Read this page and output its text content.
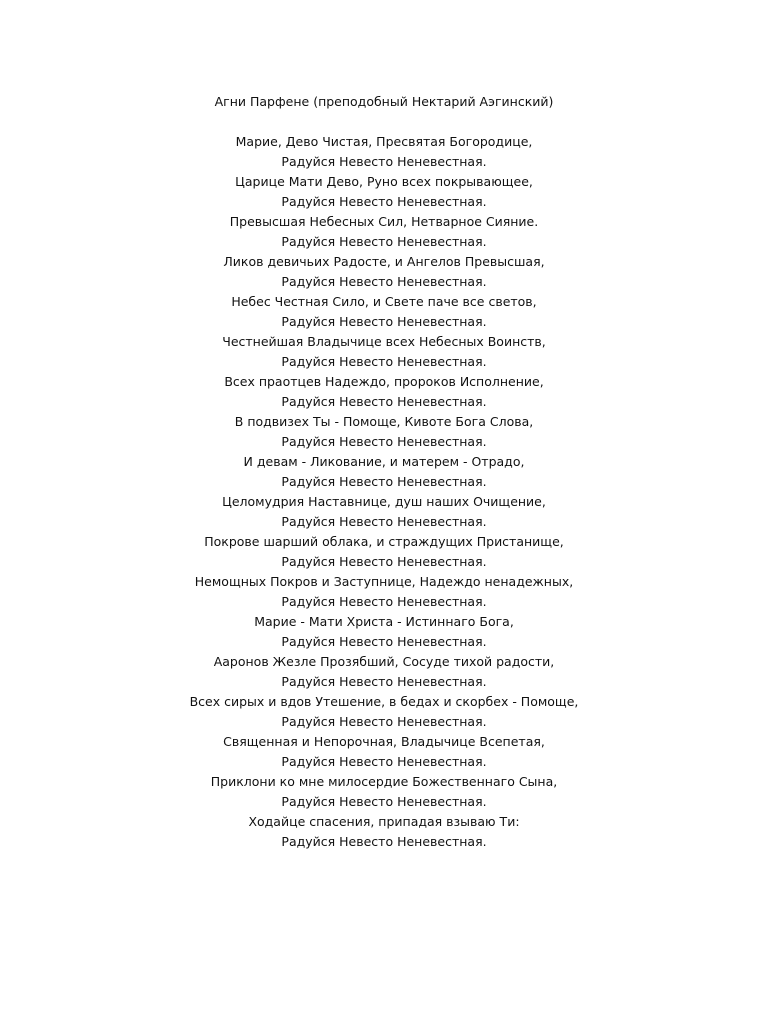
Агни Парфене (преподобный Нектарий Аэгинский)
Марие, Дево Чистая, Пресвятая Богородице,
Радуйся Невесто Неневестная.
Царице Мати Дево, Руно всех покрывающее,
Радуйся Невесто Неневестная.
Превысшая Небесных Сил, Нетварное Сияние.
Радуйся Невесто Неневестная.
Ликов девичьих Радосте, и Ангелов Превысшая,
Радуйся Невесто Неневестная.
Небес Честная Сило, и Свете паче все светов,
Радуйся Невесто Неневестная.
Честнейшая Владычице всех Небесных Воинств,
Радуйся Невесто Неневестная.
Всех праотцев Надеждо, пророков Исполнение,
Радуйся Невесто Неневестная.
В подвизех Ты - Помоще, Кивоте Бога Слова,
Радуйся Невесто Неневестная.
И девам - Ликование, и матерем - Отрадо,
Радуйся Невесто Неневестная.
Целомудрия Наставнице, душ наших Очищение,
Радуйся Невесто Неневестная.
Покрове шарший облака, и страждущих Пристанище,
Радуйся Невесто Неневестная.
Немощных Покров и Заступнице, Надеждо ненадежных,
Радуйся Невесто Неневестная.
Марие - Мати Христа - Истиннаго Бога,
Радуйся Невесто Неневестная.
Ааронов Жезле Прозябший, Сосуде тихой радости,
Радуйся Невесто Неневестная.
Всех сирых и вдов Утешение, в бедах и скорбех - Помоще,
Радуйся Невесто Неневестная.
Священная и Непорочная, Владычице Всепетая,
Радуйся Невесто Неневестная.
Приклони ко мне милосердие Божественнаго Сына,
Радуйся Невесто Неневестная.
Ходайце спасения, припадая взываю Ти:
Радуйся Невесто Неневестная.
